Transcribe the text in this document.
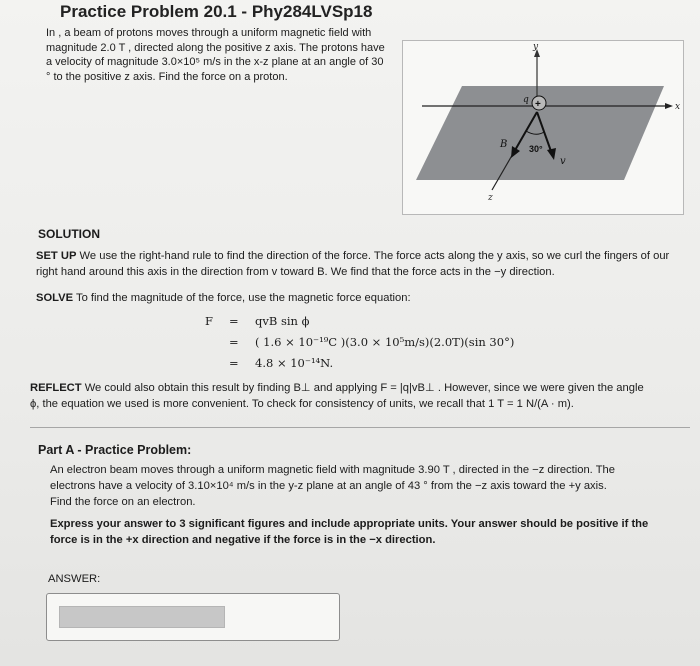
Practice Problem 20.1 - Phy284LVSp18
In , a beam of protons moves through a uniform magnetic field with
magnitude 2.0 T , directed along the positive z axis. The protons have
a velocity of magnitude 3.0×10⁵ m/s in the x-z plane at an angle of 30
° to the positive z axis. Find the force on a proton.
y
x
z
B
v
30°
+
q
SOLUTION
SET UP We use the right-hand rule to find the direction of the force. The force acts along the y axis, so we curl the fingers of our
right hand around this axis in the direction from v toward B. We find that the force acts in the −y direction.
SOLVE To find the magnitude of the force, use the magnetic force equation:
F = qvB sin ϕ
= ( 1.6 × 10⁻¹⁹C )(3.0 × 10⁵m/s)(2.0T)(sin 30°)
= 4.8 × 10⁻¹⁴N.
REFLECT We could also obtain this result by finding B⊥ and applying F = |q|vB⊥ . However, since we were given the angle
ϕ, the equation we used is more convenient. To check for consistency of units, we recall that 1 T = 1 N/(A · m).
Part A - Practice Problem:
An electron beam moves through a uniform magnetic field with magnitude 3.90 T , directed in the −z direction. The
electrons have a velocity of 3.10×10⁴ m/s in the y-z plane at an angle of 43 ° from the −z axis toward the +y axis.
Find the force on an electron.
Express your answer to 3 significant figures and include appropriate units. Your answer should be positive if the
force is in the +x direction and negative if the force is in the −x direction.
ANSWER:
